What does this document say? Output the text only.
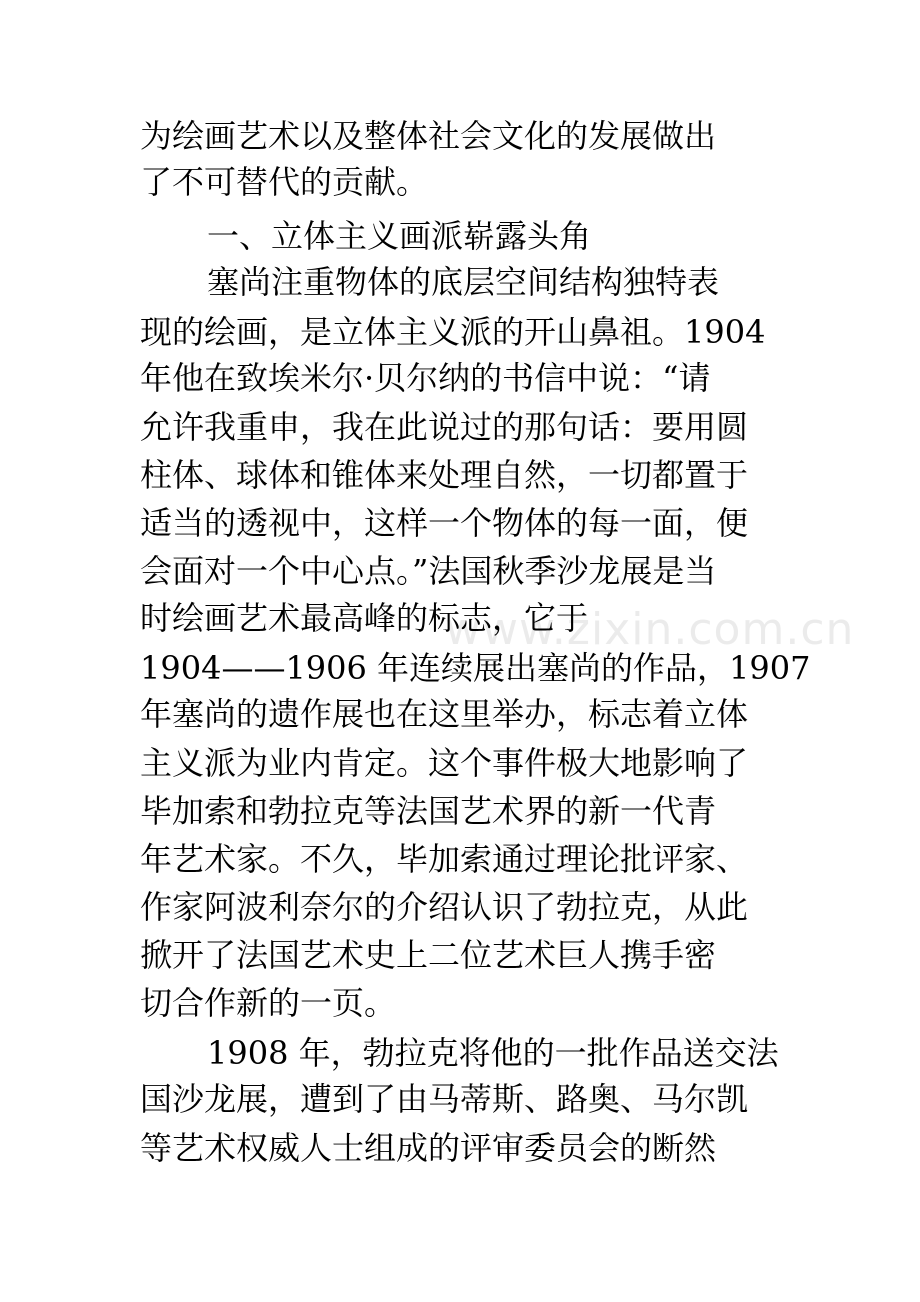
www.zixin.com.cn
为绘画艺术以及整体社会文化的发展做出
了不可替代的贡献。
一、立体主义画派崭露头角
塞尚注重物体的底层空间结构独特表
现的绘画，是立体主义派的开山鼻祖。1904
年他在致埃米尔·贝尔纳的书信中说：“请
允许我重申，我在此说过的那句话：要用圆
柱体、球体和锥体来处理自然，一切都置于
适当的透视中，这样一个物体的每一面，便
会面对一个中心点。”法国秋季沙龙展是当
时绘画艺术最高峰的标志，它于
1904——1906 年连续展出塞尚的作品，1907
年塞尚的遗作展也在这里举办，标志着立体
主义派为业内肯定。这个事件极大地影响了
毕加索和勃拉克等法国艺术界的新一代青
年艺术家。不久，毕加索通过理论批评家、
作家阿波利奈尔的介绍认识了勃拉克，从此
掀开了法国艺术史上二位艺术巨人携手密
切合作新的一页。
1908 年，勃拉克将他的一批作品送交法
国沙龙展，遭到了由马蒂斯、路奥、马尔凯
等艺术权威人士组成的评审委员会的断然
